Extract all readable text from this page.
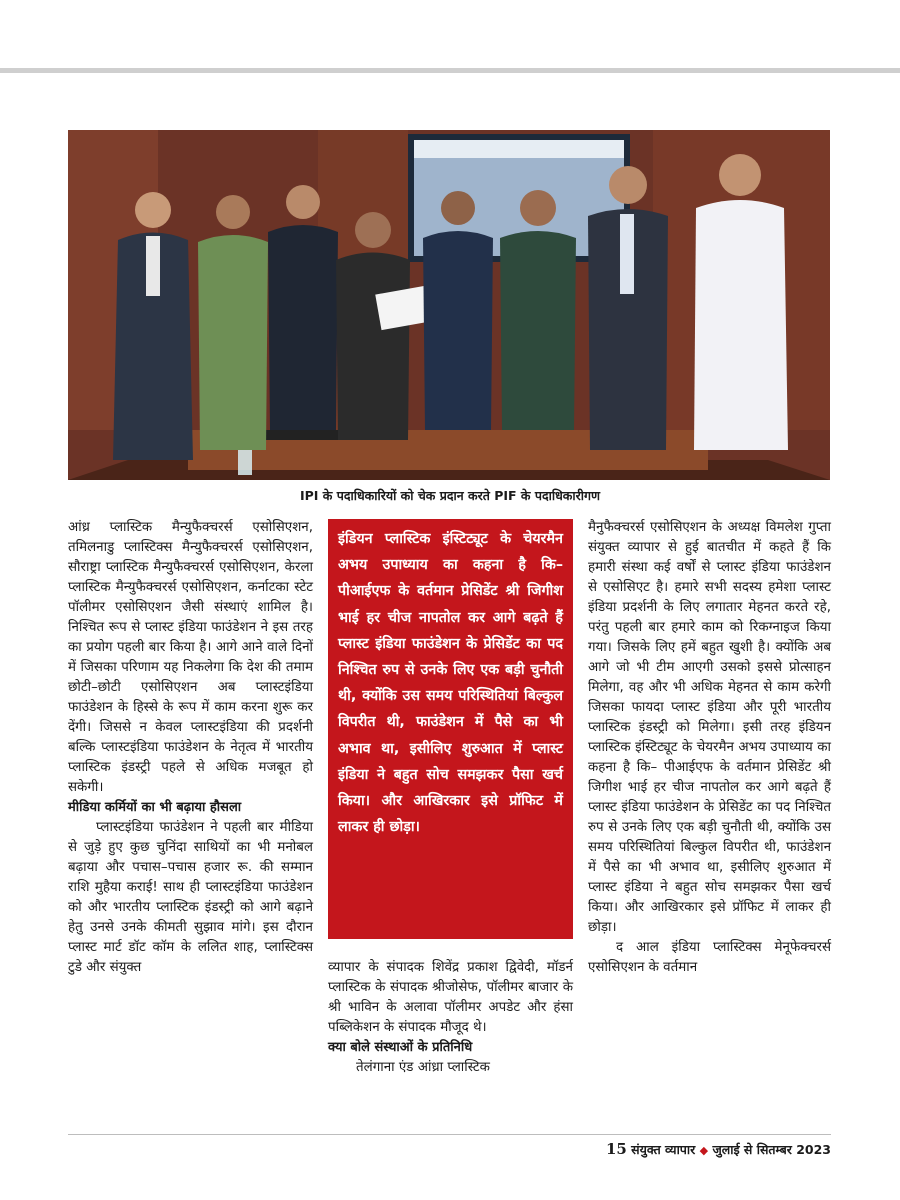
IPI के पदाधिकारियों को चेक प्रदान करते PIF के पदाधिकारीगण

आंध्र प्लास्टिक मैन्युफैक्चरर्स एसोसिएशन, तमिलनाडु प्लास्टिक्स मैन्युफैक्चरर्स एसोसिएशन, सौराष्ट्रा प्लास्टिक मैन्युफैक्चरर्स एसोसिएशन, केरला प्लास्टिक मैन्युफैक्चरर्स एसोसिएशन, कर्नाटका स्टेट पॉलीमर एसोसिएशन जैसी संस्थाएं शामिल है। निश्चित रूप से प्लास्ट इंडिया फाउंडेशन ने इस तरह का प्रयोग पहली बार किया है। आगे आने वाले दिनों में जिसका परिणाम यह निकलेगा कि देश की तमाम छोटी–छोटी एसोसिएशन अब प्लास्टइंडिया फाउंडेशन के हिस्से के रूप में काम करना शुरू कर देंगी। जिससे न केवल प्लास्टइंडिया की प्रदर्शनी बल्कि प्लास्टइंडिया फाउंडेशन के नेतृत्व में भारतीय प्लास्टिक इंडस्ट्री पहले से अधिक मजबूत हो सकेगी।

मीडिया कर्मियों का भी बढ़ाया हौसला

प्लास्टइंडिया फाउंडेशन ने पहली बार मीडिया से जुड़े हुए कुछ चुनिंदा साथियों का भी मनोबल बढ़ाया और पचास–पचास हजार रू. की सम्मान राशि मुहैया कराई! साथ ही प्लास्टइंडिया फाउंडेशन को और भारतीय प्लास्टिक इंडस्ट्री को आगे बढ़ाने हेतु उनसे उनके कीमती सुझाव मांगे। इस दौरान प्लास्ट मार्ट डॉट कॉम के ललित शाह, प्लास्टिक्स टुडे और संयुक्त

इंडियन प्लास्टिक इंस्टिट्यूट के चेयरमैन अभय उपाध्याय का कहना है कि– पीआईएफ के वर्तमान प्रेसिडेंट श्री जिगीश भाई हर चीज नापतोल कर आगे बढ़ते हैं प्लास्ट इंडिया फाउंडेशन के प्रेसिडेंट का पद निश्चित रुप से उनके लिए एक बड़ी चुनौती थी, क्योंकि उस समय परिस्थितियां बिल्कुल विपरीत थी, फाउंडेशन में पैसे का भी अभाव था, इसीलिए शुरुआत में प्लास्ट इंडिया ने बहुत सोच समझकर पैसा खर्च किया। और आखिरकार इसे प्रॉफिट में लाकर ही छोड़ा।

व्यापार के संपादक शिवेंद्र प्रकाश द्विवेदी, मॉडर्न प्लास्टिक के संपादक श्रीजोसेफ, पॉलीमर बाजार के श्री भाविन के अलावा पॉलीमर अपडेट और हंसा पब्लिकेशन के संपादक मौजूद थे।

क्या बोले संस्थाओं के प्रतिनिधि

तेलंगाना एंड आंध्रा प्लास्टिक

मैनुफैक्चरर्स एसोसिएशन के अध्यक्ष विमलेश गुप्ता संयुक्त व्यापार से हुई बातचीत में कहते हैं कि हमारी संस्था कई वर्षों से प्लास्ट इंडिया फाउंडेशन से एसोसिएट है। हमारे सभी सदस्य हमेशा प्लास्ट इंडिया प्रदर्शनी के लिए लगातार मेहनत करते रहे, परंतु पहली बार हमारे काम को रिकग्नाइज किया गया। जिसके लिए हमें बहुत खुशी है। क्योंकि अब आगे जो भी टीम आएगी उसको इससे प्रोत्साहन मिलेगा, वह और भी अधिक मेहनत से काम करेगी जिसका फायदा प्लास्ट इंडिया और पूरी भारतीय प्लास्टिक इंडस्ट्री को मिलेगा। इसी तरह इंडियन प्लास्टिक इंस्टिट्यूट के चेयरमैन अभय उपाध्याय का कहना है कि– पीआईएफ के वर्तमान प्रेसिडेंट श्री जिगीश भाई हर चीज नापतोल कर आगे बढ़ते हैं प्लास्ट इंडिया फाउंडेशन के प्रेसिडेंट का पद निश्चित रुप से उनके लिए एक बड़ी चुनौती थी, क्योंकि उस समय परिस्थितियां बिल्कुल विपरीत थी, फाउंडेशन में पैसे का भी अभाव था, इसीलिए शुरुआत में प्लास्ट इंडिया ने बहुत सोच समझकर पैसा खर्च किया। और आखिरकार इसे प्रॉफिट में लाकर ही छोड़ा।

द आल इंडिया प्लास्टिक्स मेनूफेक्चरर्स एसोसिएशन के वर्तमान

15 संयुक्त व्यापार ◆ जुलाई से सितम्बर 2023
